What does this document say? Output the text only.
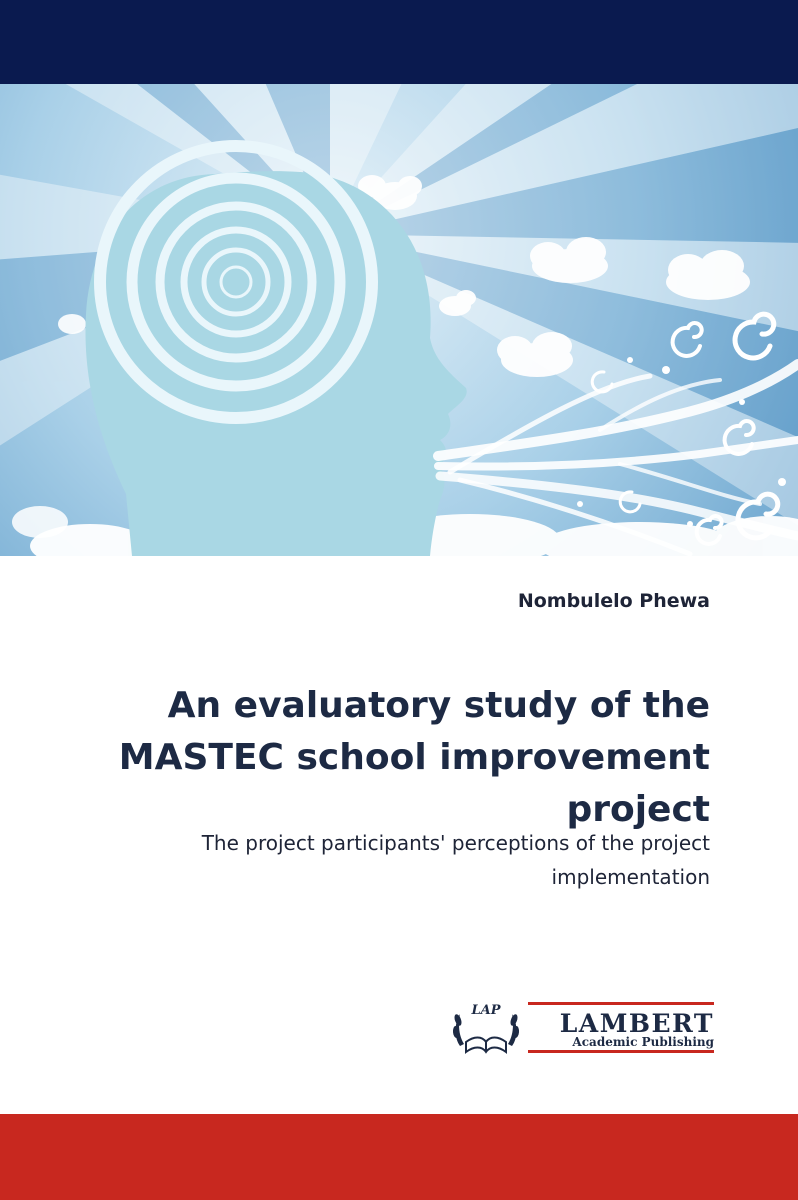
Nombulelo Phewa
An evaluatory study of the MASTEC school improvement project
The project participants' perceptions of the project implementation
LAP LAMBERT
Academic Publishing
